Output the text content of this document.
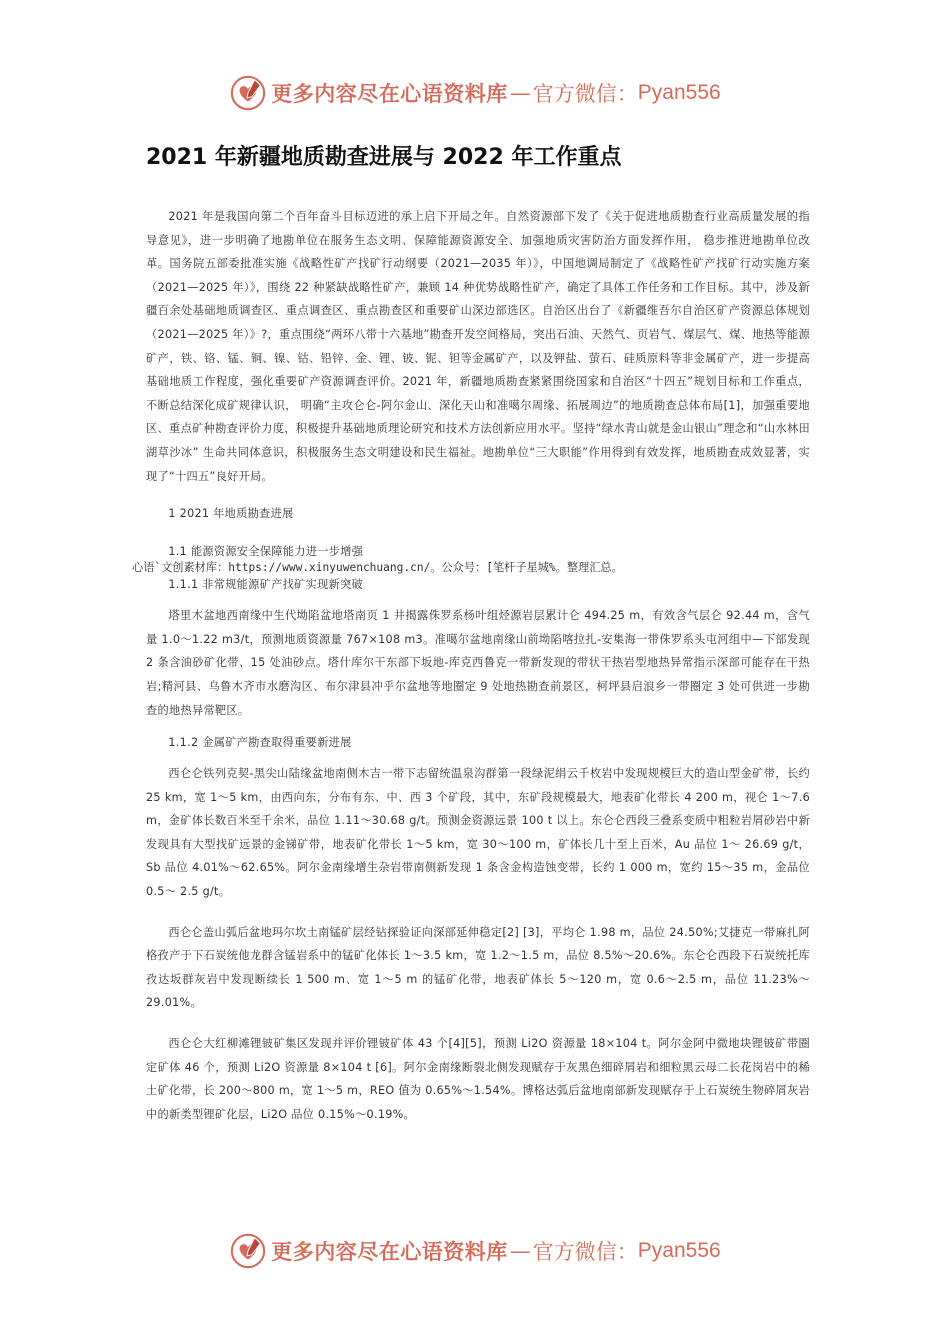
更多内容尽在心语资料库 — 官方微信： Pyan556
2021 年新疆地质勘查进展与 2022 年工作重点

2021 年是我国向第二个百年奋斗目标迈进的承上启下开局之年。自然资源部下发了《关于促进地质勘查行业高质量发展的指导意见》，进一步明确了地勘单位在服务生态文明、保障能源资源安全、加强地质灾害防治方面发挥作用， 稳步推进地勘单位改革。国务院五部委批准实施《战略性矿产找矿行动纲要（2021—2035 年）》，中国地调局制定了《战略性矿产找矿行动实施方案（2021—2025 年）》，围绕 22 种紧缺战略性矿产，兼顾 14 种优势战略性矿产，确定了具体工作任务和工作目标。其中，涉及新疆百余处基础地质调查区、重点调查区、重点勘查区和重要矿山深边部选区。自治区出台了《新疆维吾尔自治区矿产资源总体规划（2021—2025 年）》?，重点围绕“两环八带十六基地”勘查开发空间格局，突出石油、天然气、页岩气、煤层气、煤、地热等能源矿产，铁、铬、锰、铜、镍、钴、铅锌、金、锂、铍、铌、钽等金属矿产，以及钾盐、萤石、硅质原料等非金属矿产，进一步提高基础地质工作程度，强化重要矿产资源调查评价。2021 年，新疆地质勘查紧紧围绕国家和自治区“十四五”规划目标和工作重点，不断总结深化成矿规律认识， 明确“主攻仑仑-阿尔金山、深化天山和准噶尔周缘、拓展周边”的地质勘查总体布局[1]，加强重要地区、重点矿种勘查评价力度，积极提升基础地质理论研究和技术方法创新应用水平。坚持“绿水青山就是金山银山”理念和“山水林田湖草沙冰” 生命共同体意识，积极服务生态文明建设和民生福祉。地勘单位“三大职能”作用得到有效发挥，地质勘查成效显著，实现了“十四五”良好开局。

1 2021 年地质勘查进展

1.1 能源资源安全保障能力进一步增强

心语`文创素材库：https://www.xinyuwenchuang.cn/。公众号：[笔杆子星城%。整理汇总。

1.1.1 非常规能源矿产找矿实现新突破

塔里木盆地西南缘中生代坳陷盆地塔南页 1 井揭露侏罗系杨叶组烃源岩层累计仑 494.25 m，有效含气层仑 92.44 m，含气量 1.0～1.22 m3/t，预测地质资源量 767×108 m3。准噶尔盆地南缘山前坳陷喀拉扎-安集海一带侏罗系头屯河组中—下部发现 2 条含油砂矿化带、15 处油砂点。塔什库尔干东部下坂地-库克西鲁克一带新发现的带状干热岩型地热异常指示深部可能存在干热岩;精河县、乌鲁木齐市水磨沟区、布尔津县冲乎尔盆地等地圈定 9 处地热勘查前景区，柯坪县启浪乡一带圈定 3 处可供进一步勘查的地热异常靶区。

1.1.2 金属矿产勘查取得重要新进展

西仑仑铁列克契-黑尖山陆缘盆地南侧木吉一带下志留统温泉沟群第一段绿泥绢云千枚岩中发现规模巨大的造山型金矿带，长约 25 km，宽 1～5 km，由西向东，分布有东、中、西 3 个矿段，其中，东矿段规模最大，地表矿化带长 4 200 m，视仑 1～7.6 m，金矿体长数百米至千余米，品位 1.11～30.68 g/t。预测金资源远景 100 t 以上。东仑仑西段三叠系变质中粗粒岩屑砂岩中新发现具有大型找矿远景的金锑矿带，地表矿化带长 1～5 km，宽 30～100 m，矿体长几十至上百米，Au 品位 1～ 26.69 g/t， Sb 品位 4.01%～62.65%。阿尔金南缘增生杂岩带南侧新发现 1 条含金构造蚀变带，长约 1 000 m，宽约 15～35 m，金品位 0.5～ 2.5 g/t。

西仑仑盖山弧后盆地玛尔坎土南锰矿层经钻探验证向深部延伸稳定[2] [3]，平均仑 1.98 m，品位 24.50%;艾捷克一带麻扎阿格孜产于下石炭统他龙群含锰岩系中的锰矿化体长 1～3.5 km，宽 1.2～1.5 m，品位 8.5%～20.6%。东仑仑西段下石炭统托库孜达坂群灰岩中发现断续长 1 500 m、宽 1～5 m 的锰矿化带，地表矿体长 5～120 m，宽 0.6～2.5 m，品位 11.23%～29.01%。

西仑仑大红柳滩锂铍矿集区发现并评价锂铍矿体 43 个[4][5]，预测 Li2O 资源量 18×104 t。阿尔金阿中微地块锂铍矿带圈定矿体 46 个，预测 Li2O 资源量 8×104 t [6]。阿尔金南缘断裂北侧发现赋存于灰黑色细碎屑岩和细粒黑云母二长花岗岩中的稀土矿化带，长 200～800 m，宽 1～5 m，REO 值为 0.65%～1.54%。博格达弧后盆地南部新发现赋存于上石炭统生物碎屑灰岩中的新类型锂矿化层，Li2O 品位 0.15%～0.19%。

更多内容尽在心语资料库 — 官方微信： Pyan556
